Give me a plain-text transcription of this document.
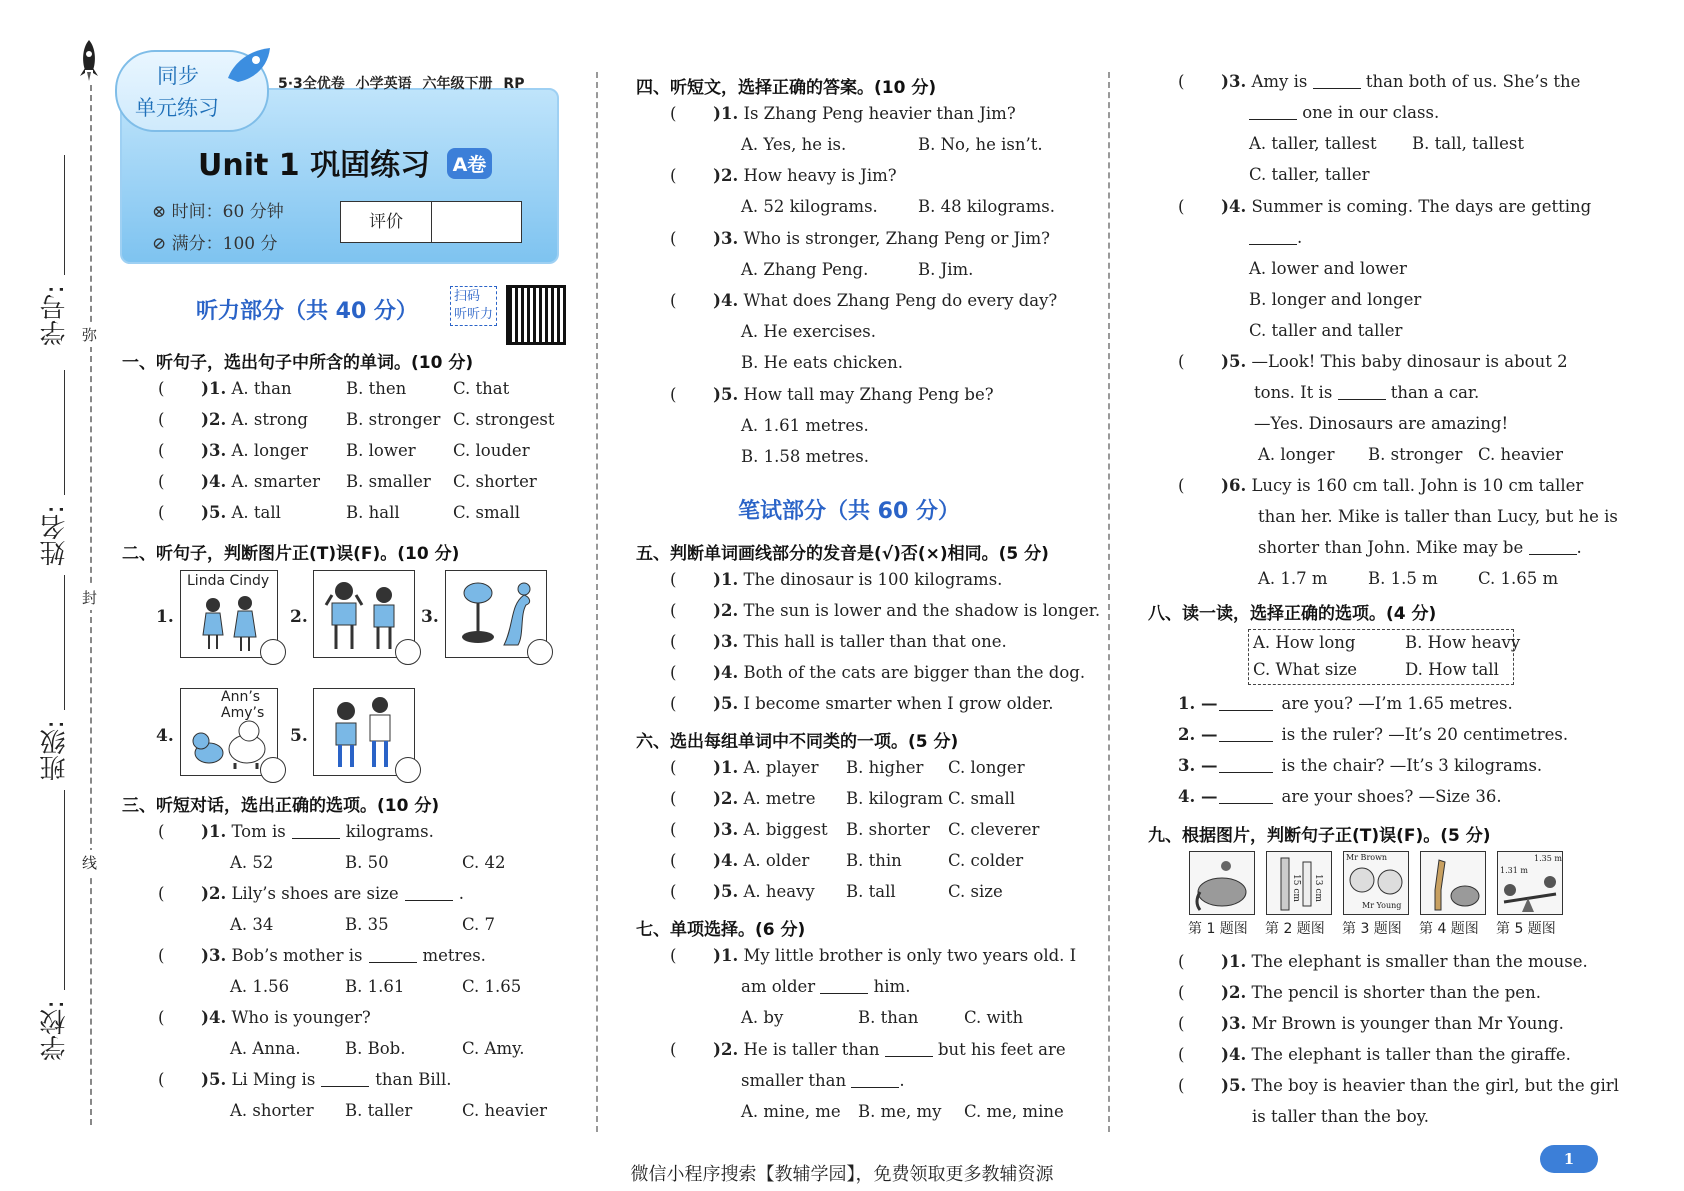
弥
封
线
学号:
姓名:
班级:
学校:
同步
单元练习
5·3全优卷 小学英语 六年级下册 RP
Unit 1 巩固练习 A卷
⊗ 时间：60 分钟
⊘ 满分：100 分
评价
听力部分（共 40 分）
扫码
听听力
一、听句子，选出句子中所含的单词。(10 分)
(       )1. A. than	B. then	C. that
(       )2. A. strong B. stronger C. strongest
(       )3. A. longer B. lower C. louder
(       )4. A. smarter B. smaller C. shorter
(       )5. A. tall	B. hall	C. small
二、听句子，判断图片正(T)误(F)。(10 分)
1.
Linda Cindy
2.	3.
4.
Ann’s Amy’s
5.
三、听短对话，选出正确的选项。(10 分)
(       )1. Tom is	kilograms.
A. 52	B. 50	C. 42
(       )2. Lily’s shoes are size	.
A. 34	B. 35	C. 7
(       )3. Bob’s mother is	metres.
A. 1.56	B. 1.61	C. 1.65
(       )4. Who is younger?
A. Anna.	B. Bob.	C. Amy.
(       )5. Li Ming is	than Bill.
A. shorter B. taller	C. heavier
四、听短文，选择正确的答案。(10 分)
(       )1. Is Zhang Peng heavier than Jim?
A. Yes, he is.	B. No, he isn’t.
(       )2. How heavy is Jim?
A. 52 kilograms. B. 48 kilograms.
(       )3. Who is stronger, Zhang Peng or Jim?
A. Zhang Peng.	B. Jim.
(       )4. What does Zhang Peng do every day?
A. He exercises.
B. He eats chicken.
(       )5. How tall may Zhang Peng be?
A. 1.61 metres.
B. 1.58 metres.
笔试部分（共 60 分）
五、判断单词画线部分的发音是(√)否(×)相同。(5 分)
(       )1. The dinosaur is 100 kilograms.
(       )2. The sun is lower and the shadow is longer.
(       )3. This hall is taller than that one.
(       )4. Both of the cats are bigger than the dog.
(       )5. I become smarter when I grow older.
六、选出每组单词中不同类的一项。(5 分)
(       )1. A. player B. higher C. longer
(       )2. A. metre B. kilogram C. small
(       )3. A. biggest B. shorter C. cleverer
(       )4. A. older B. thin	C. colder
(       )5. A. heavy B. tall	C. size
七、单项选择。(6 分)
(       )1. My little brother is only two years old. I
am older	him.
A. by	B. than	C. with
(       )2. He is taller than	but his feet are
smaller than	.
A. mine, me B. me, my C. me, mine
(       )3. Amy is	than both of us. She’s the
one in our class.
A. taller, tallest B. tall, tallest
C. taller, taller
(       )4. Summer is coming. The days are getting
.
A. lower and lower
B. longer and longer
C. taller and taller
(       )5. —Look! This baby dinosaur is about 2
tons. It is	than a car.
—Yes. Dinosaurs are amazing!
A. longer B. stronger C. heavier
(       )6. Lucy is 160 cm tall. John is 10 cm taller
than her. Mike is taller than Lucy, but he is
shorter than John. Mike may be	.
A. 1.7 m B. 1.5 m C. 1.65 m
八、读一读，选择正确的选项。(4 分)
A. How long	B. How heavy
C. What size	D. How tall
1. —	are you? —I’m 1.65 metres.
2. —	is the ruler? —It’s 20 centimetres.
3. —	is the chair? —It’s 3 kilograms.
4. —	are your shoes? —Size 36.
九、根据图片，判断句子正(T)误(F)。(5 分)
15 cm 13 cm
Mr Brown
Mr Young
1.31 m
1.35 m
第 1 题图 第 2 题图 第 3 题图 第 4 题图 第 5 题图
(       )1. The elephant is smaller than the mouse.
(       )2. The pencil is shorter than the pen.
(       )3. Mr Brown is younger than Mr Young.
(       )4. The elephant is taller than the giraffe.
(       )5. The boy is heavier than the girl, but the girl
is taller than the boy.
微信小程序搜索【教辅学园】，免费领取更多教辅资源
1
